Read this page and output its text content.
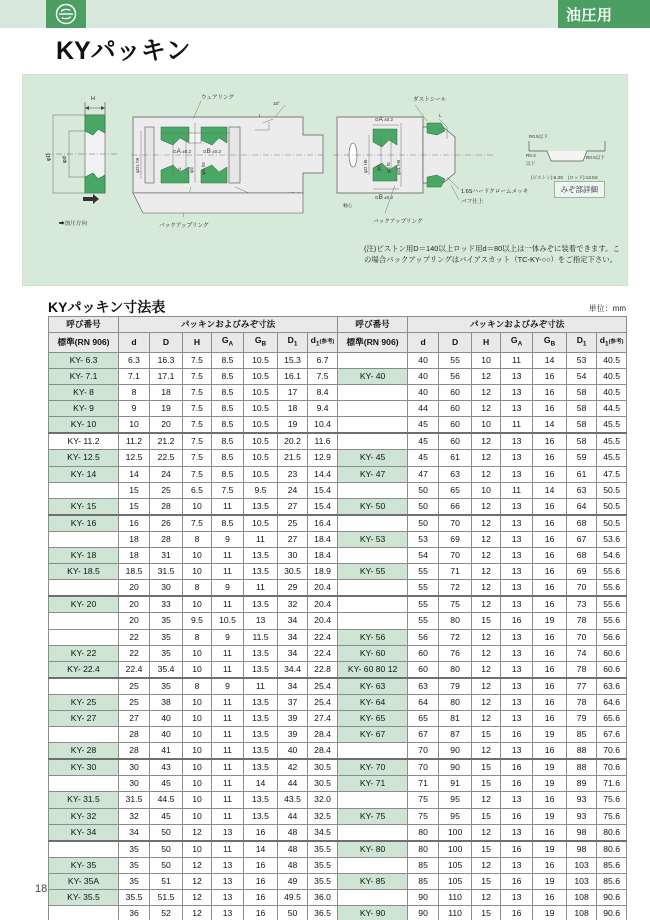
油圧用
KYパッキン
φD φd
H
➡加圧方向
GA ±0.2	GB ±0.2
φD1 h9	G φd φD h9
ウェアリング
バックアップリング
L
15°
GA ±0.2
GB ±0.2
φD H9 φG φd f8 φd1 H9
ダストシール
バックアップリング
軸心
1.6Sハードクロームメッキ
バフ仕上
L
R0.5以下
R0.3
以下
R0.5以下
(ピストン):6.3S　(ロッド):12.5S
みぞ部詳細
(注)ピストン用D＝140以上ロッド用d＝80以上は一体みぞに装着できます。この場合バックアップリングはバイアスカット（TC-KY-○○）をご指定下さい。
KYパッキン寸法表	単位：mm
呼び番号	パッキンおよびみぞ寸法							呼び番号	パッキンおよびみぞ寸法						
標準(RN 906)	d	D	H	$G_A$	$G_B$	$D_1$	$d_1$(参考)	標準(RN 906)	d	D	H	$G_A$	$G_B$	$D_1$	$d_1$(参考)
KY- 6.3	6.3	16.3	7.5	8.5	10.5	15.3	6.7		40	55	10	11	14	53	40.5
KY- 7.1	7.1	17.1	7.5	8.5	10.5	16.1	7.5	KY- 40	40	56	12	13	16	54	40.5
KY- 8	8	18	7.5	8.5	10.5	17	8.4		40	60	12	13	16	58	40.5
KY- 9	9	19	7.5	8.5	10.5	18	9.4		44	60	12	13	16	58	44.5
KY- 10	10	20	7.5	8.5	10.5	19	10.4		45	60	10	11	14	58	45.5
KY- 11.2	11.2	21.2	7.5	8.5	10.5	20.2	11.6		45	60	12	13	16	58	45.5
KY- 12.5	12.5	22.5	7.5	8.5	10.5	21.5	12.9	KY- 45	45	61	12	13	16	59	45.5
KY- 14	14	24	7.5	8.5	10.5	23	14.4	KY- 47	47	63	12	13	16	61	47.5
	15	25	6.5	7.5	9.5	24	15.4		50	65	10	11	14	63	50.5
KY- 15	15	28	10	11	13.5	27	15.4	KY- 50	50	66	12	13	16	64	50.5
KY- 16	16	26	7.5	8.5	10.5	25	16.4		50	70	12	13	16	68	50.5
	18	28	8	9	11	27	18.4	KY- 53	53	69	12	13	16	67	53.6
KY- 18	18	31	10	11	13.5	30	18.4		54	70	12	13	16	68	54.6
KY- 18.5	18.5	31.5	10	11	13.5	30.5	18.9	KY- 55	55	71	12	13	16	69	55.6
	20	30	8	9	11	29	20.4		55	72	12	13	16	70	55.6
KY- 20	20	33	10	11	13.5	32	20.4		55	75	12	13	16	73	55.6
	20	35	9.5	10.5	13	34	20.4		55	80	15	16	19	78	55.6
	22	35	8	9	11.5	34	22.4	KY- 56	56	72	12	13	16	70	56.6
KY- 22	22	35	10	11	13.5	34	22.4	KY- 60	60	76	12	13	16	74	60.6
KY- 22.4	22.4	35.4	10	11	13.5	34.4	22.8	KY- 60 80 12	60	80	12	13	16	78	60.6
	25	35	8	9	11	34	25.4	KY- 63	63	79	12	13	16	77	63.6
KY- 25	25	38	10	11	13.5	37	25.4	KY- 64	64	80	12	13	16	78	64.6
KY- 27	27	40	10	11	13.5	39	27.4	KY- 65	65	81	12	13	16	79	65.6
	28	40	10	11	13.5	39	28.4	KY- 67	67	87	15	16	19	85	67.6
KY- 28	28	41	10	11	13.5	40	28.4		70	90	12	13	16	88	70.6
KY- 30	30	43	10	11	13.5	42	30.5	KY- 70	70	90	15	16	19	88	70.6
	30	45	10	11	14	44	30.5	KY- 71	71	91	15	16	19	89	71.6
KY- 31.5	31.5	44.5	10	11	13.5	43.5	32.0		75	95	12	13	16	93	75.6
KY- 32	32	45	10	11	13.5	44	32.5	KY- 75	75	95	15	16	19	93	75.6
KY- 34	34	50	12	13	16	48	34.5		80	100	12	13	16	98	80.6
	35	50	10	11	14	48	35.5	KY- 80	80	100	15	16	19	98	80.6
KY- 35	35	50	12	13	16	48	35.5		85	105	12	13	16	103	85.6
KY- 35A	35	51	12	13	16	49	35.5	KY- 85	85	105	15	16	19	103	85.6
KY- 35.5	35.5	51.5	12	13	16	49.5	36.0		90	110	12	13	16	108	90.6
	36	52	12	13	16	50	36.5	KY- 90	90	110	15	16	19	108	90.6
18
